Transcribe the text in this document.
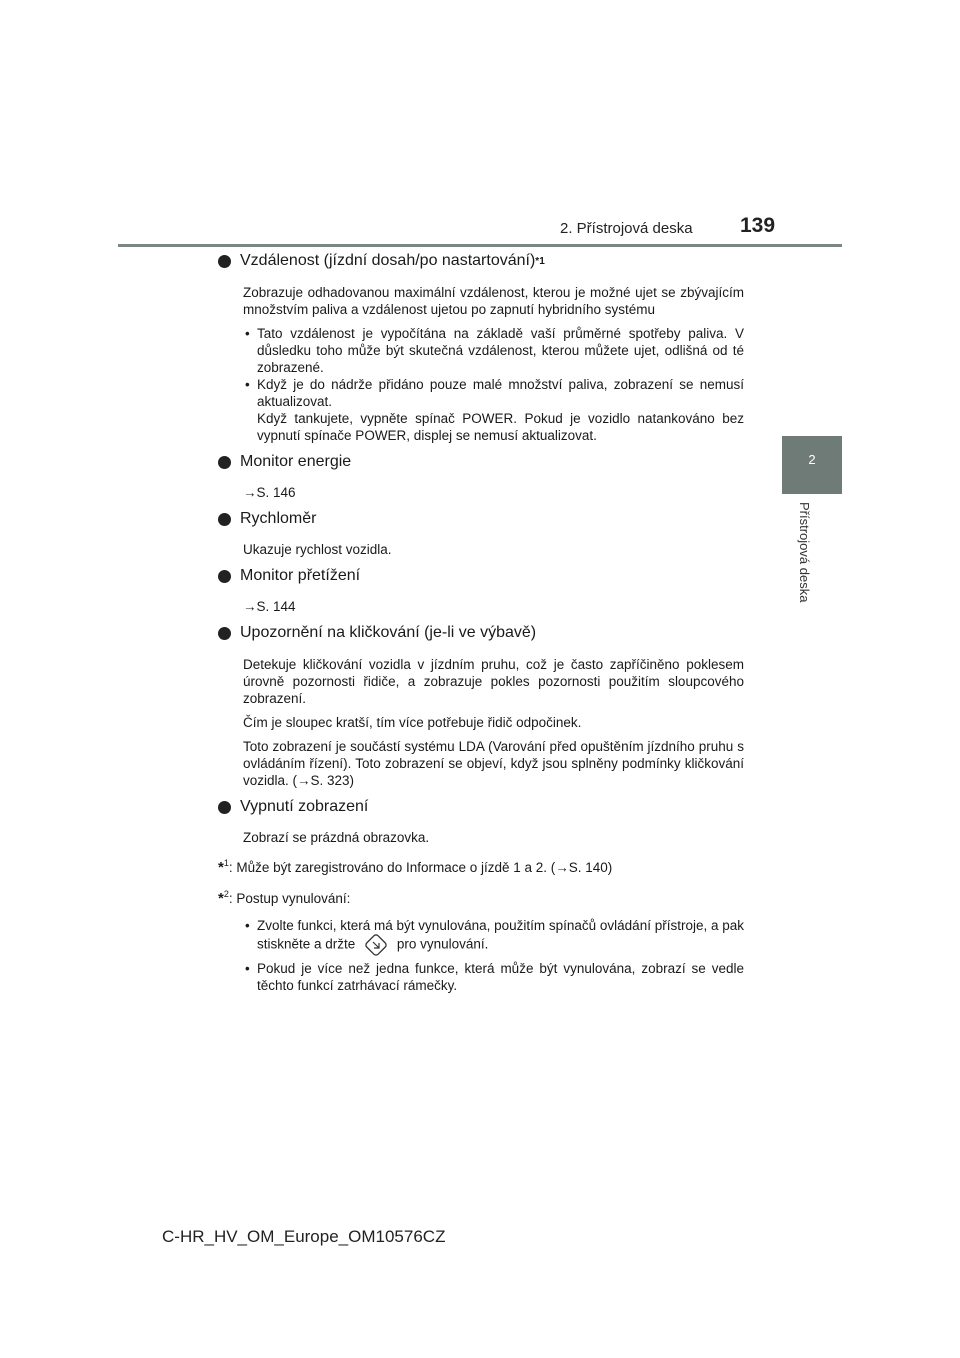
2. Přístrojová deska 139
2
Přístrojová deska
Vzdálenost (jízdní dosah/po nastartování) *1

Zobrazuje odhadovanou maximální vzdálenost, kterou je možné ujet se zbývajícím množstvím paliva a vzdálenost ujetou po zapnutí hybridního systému

• Tato vzdálenost je vypočítána na základě vaší průměrné spotřeby paliva. V důsledku toho může být skutečná vzdálenost, kterou můžete ujet, odlišná od té zobrazené.
• Když je do nádrže přidáno pouze malé množství paliva, zobrazení se nemusí aktualizovat.

Když tankujete, vypněte spínač POWER. Pokud je vozidlo natankováno bez vypnutí spínače POWER, displej se nemusí aktualizovat.

Monitor energie
→S. 146
Rychloměr
Ukazuje rychlost vozidla.
Monitor přetížení
→S. 144
Upozornění na kličkování (je-li ve výbavě)

Detekuje kličkování vozidla v jízdním pruhu, což je často zapříčiněno poklesem úrovně pozornosti řidiče, a zobrazuje pokles pozornosti použitím sloupcového zobrazení.

Čím je sloupec kratší, tím více potřebuje řidič odpočinek.

Toto zobrazení je součástí systému LDA (Varování před opuštěním jízdního pruhu s ovládáním řízení). Toto zobrazení se objeví, když jsou splněny podmínky kličkování vozidla. (→S. 323)

Vypnutí zobrazení
Zobrazí se prázdná obrazovka.
*$^1$: Může být zaregistrováno do Informace o jízdě 1 a 2. (→S. 140)
*$^2$: Postup vynulování:
• Zvolte funkci, která má být vynulována, použitím spínačů ovládání přístroje, a pak stiskněte a držte	pro vynulování.
• Pokud je více než jedna funkce, která může být vynulována, zobrazí se vedle těchto funkcí zatrhávací rámečky.
C-HR_HV_OM_Europe_OM10576CZ
